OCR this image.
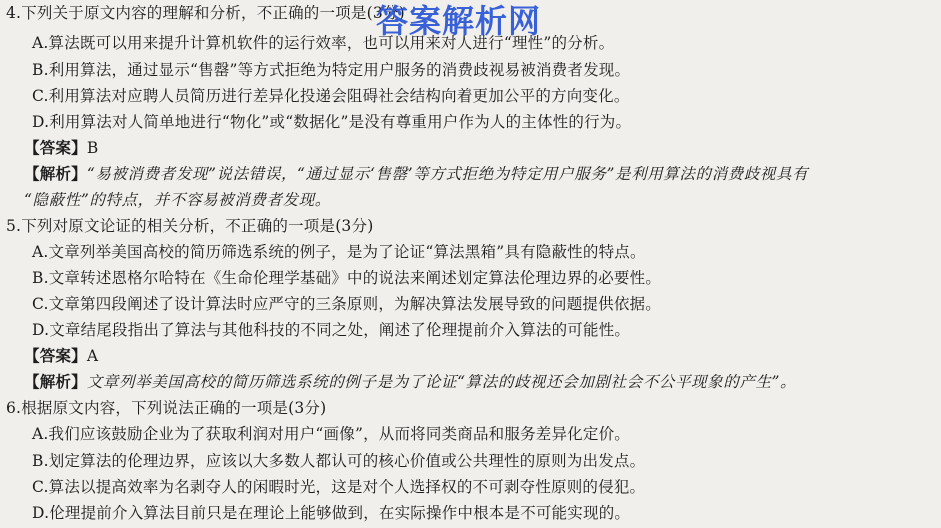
4.下列关于原文内容的理解和分析，不正确的一项是(3分)
答案解析网
A.算法既可以用来提升计算机软件的运行效率，也可以用来对人进行“理性”的分析。
B.利用算法，通过显示“售罄”等方式拒绝为特定用户服务的消费歧视易被消费者发现。
C.利用算法对应聘人员简历进行差异化投递会阻碍社会结构向着更加公平的方向变化。
D.利用算法对人简单地进行“物化”或“数据化”是没有尊重用户作为人的主体性的行为。
【答案】B
【解析】“易被消费者发现”说法错误，“通过显示‘售罄’等方式拒绝为特定用户服务”是利用算法的消费歧视具有
“隐蔽性”的特点，并不容易被消费者发现。
5.下列对原文论证的相关分析，不正确的一项是(3分)
A.文章列举美国高校的简历筛选系统的例子，是为了论证“算法黑箱”具有隐蔽性的特点。
B.文章转述恩格尔哈特在《生命伦理学基础》中的说法来阐述划定算法伦理边界的必要性。
C.文章第四段阐述了设计算法时应严守的三条原则，为解决算法发展导致的问题提供依据。
D.文章结尾段指出了算法与其他科技的不同之处，阐述了伦理提前介入算法的可能性。
【答案】A
【解析】文章列举美国高校的简历筛选系统的例子是为了论证“算法的歧视还会加剧社会不公平现象的产生”。
6.根据原文内容，下列说法正确的一项是(3分)
A.我们应该鼓励企业为了获取利润对用户“画像”，从而将同类商品和服务差异化定价。
B.划定算法的伦理边界，应该以大多数人都认可的核心价值或公共理性的原则为出发点。
C.算法以提高效率为名剥夺人的闲暇时光，这是对个人选择权的不可剥夺性原则的侵犯。
D.伦理提前介入算法目前只是在理论上能够做到，在实际操作中根本是不可能实现的。
